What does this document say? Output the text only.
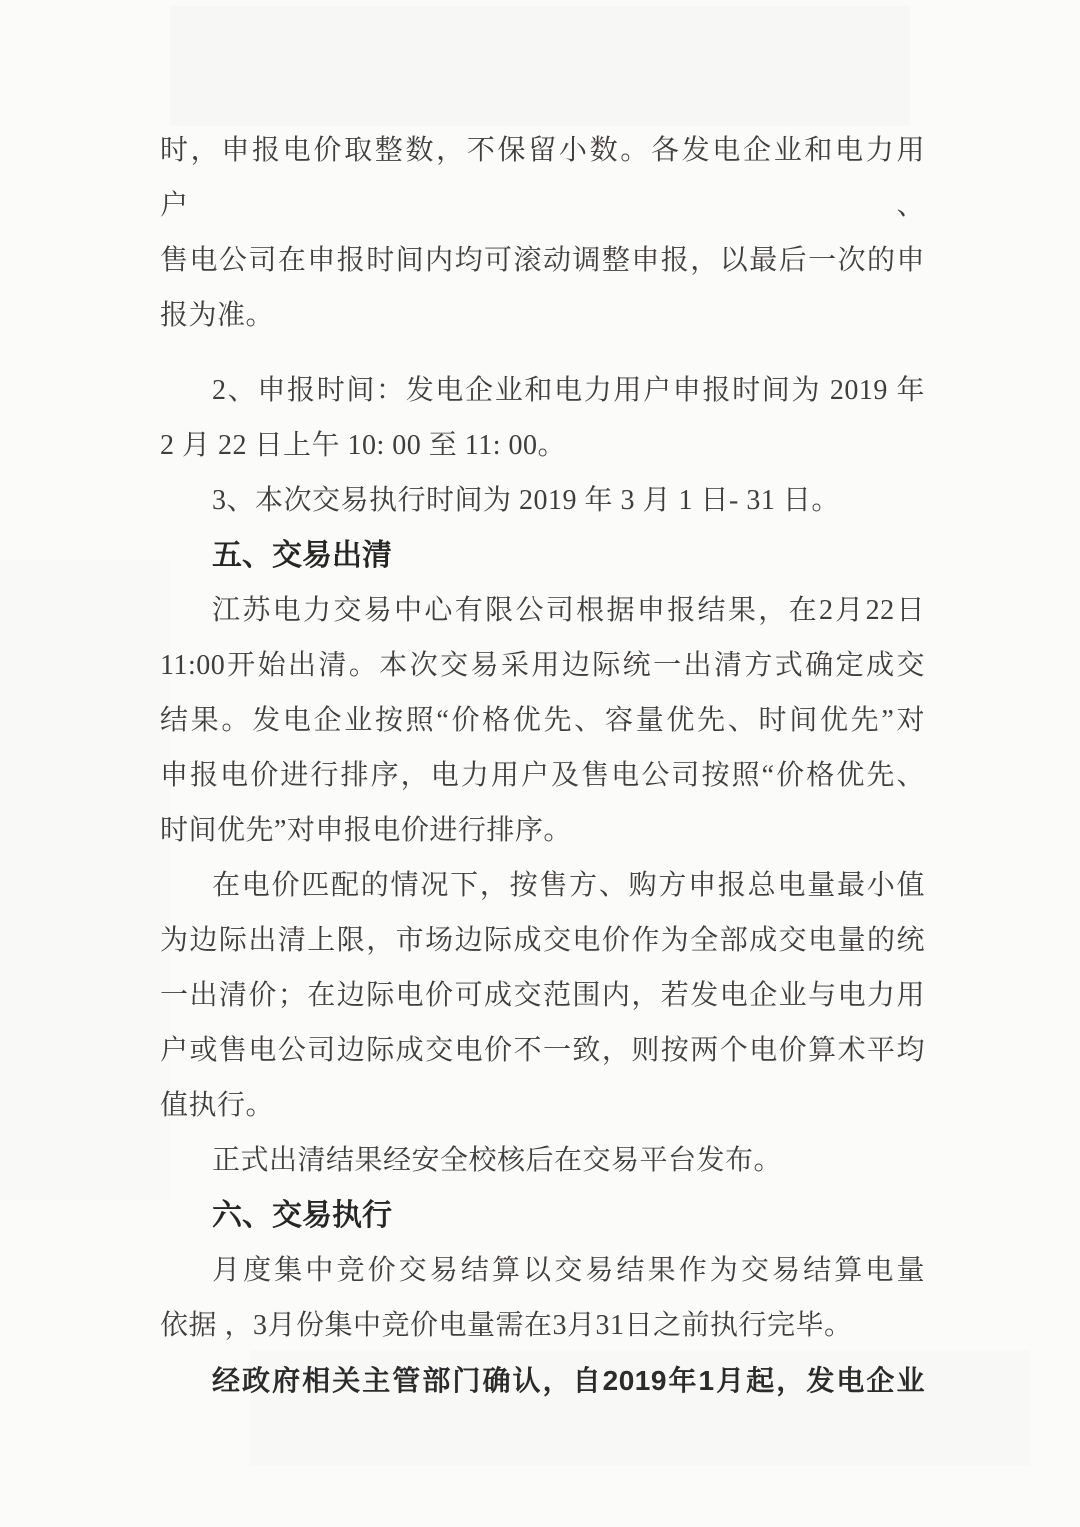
时，申报电价取整数，不保留小数。各发电企业和电力用户、
售电公司在申报时间内均可滚动调整申报，以最后一次的申
报为准。
2、申报时间：发电企业和电力用户申报时间为 2019 年
2 月 22 日上午 10: 00 至 11: 00。
3、本次交易执行时间为 2019 年 3 月 1 日- 31 日。
五、交易出清
江苏电力交易中心有限公司根据申报结果，在2月22日
11:00开始出清。本次交易采用边际统一出清方式确定成交
结果。发电企业按照“价格优先、容量优先、时间优先”对
申报电价进行排序，电力用户及售电公司按照“价格优先、
时间优先”对申报电价进行排序。
在电价匹配的情况下，按售方、购方申报总电量最小值
为边际出清上限，市场边际成交电价作为全部成交电量的统
一出清价；在边际电价可成交范围内，若发电企业与电力用
户或售电公司边际成交电价不一致，则按两个电价算术平均
值执行。
正式出清结果经安全校核后在交易平台发布。
六、交易执行
月度集中竞价交易结算以交易结果作为交易结算电量
依据 ，3月份集中竞价电量需在3月31日之前执行完毕。
经政府相关主管部门确认，自2019年1月起，发电企业
